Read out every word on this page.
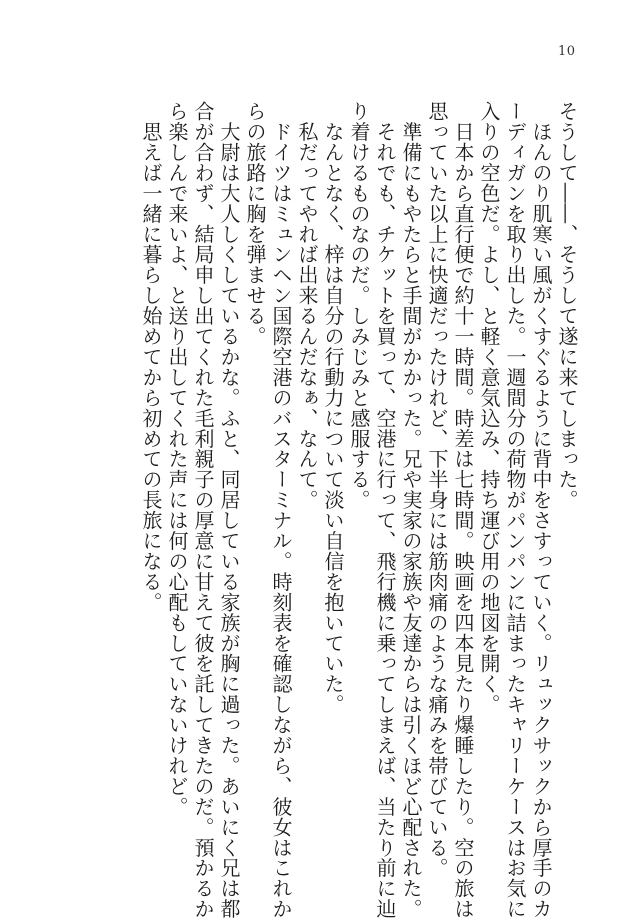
10
そうして――、そうして遂に来てしまった。
　ほんのり肌寒い風がくすぐるように背中をさすっていく。リュックサックから厚手のカ
ーディガンを取り出した。一週間分の荷物がパンパンに詰まったキャリーケースはお気に
入りの空色だ。よし、と軽く意気込み、持ち運び用の地図を開く。
　日本から直行便で約十一時間。時差は七時間。映画を四本見たり爆睡したり。空の旅は
思っていた以上に快適だったけれど、下半身には筋肉痛のような痛みを帯びている。
　準備にもやたらと手間がかかった。兄や実家の家族や友達からは引くほど心配された。
　それでも、チケットを買って、空港に行って、飛行機に乗ってしまえば、当たり前に辿
り着けるものなのだ。しみじみと感服する。
　なんとなく、梓は自分の行動力について淡い自信を抱いていた。
　私だってやれば出来るんだなぁ、なんて。
　ドイツはミュンヘン国際空港のバスターミナル。時刻表を確認しながら、彼女はこれか
らの旅路に胸を弾ませる。
　大尉は大人しくしているかな。ふと、同居している家族が胸に過った。あいにく兄は都
合が合わず、結局申し出てくれた毛利親子の厚意に甘えて彼を託してきたのだ。預かるか
ら楽しんで来いよ、と送り出してくれた声には何の心配もしていないけれど。
　思えば一緒に暮らし始めてから初めての長旅になる。
